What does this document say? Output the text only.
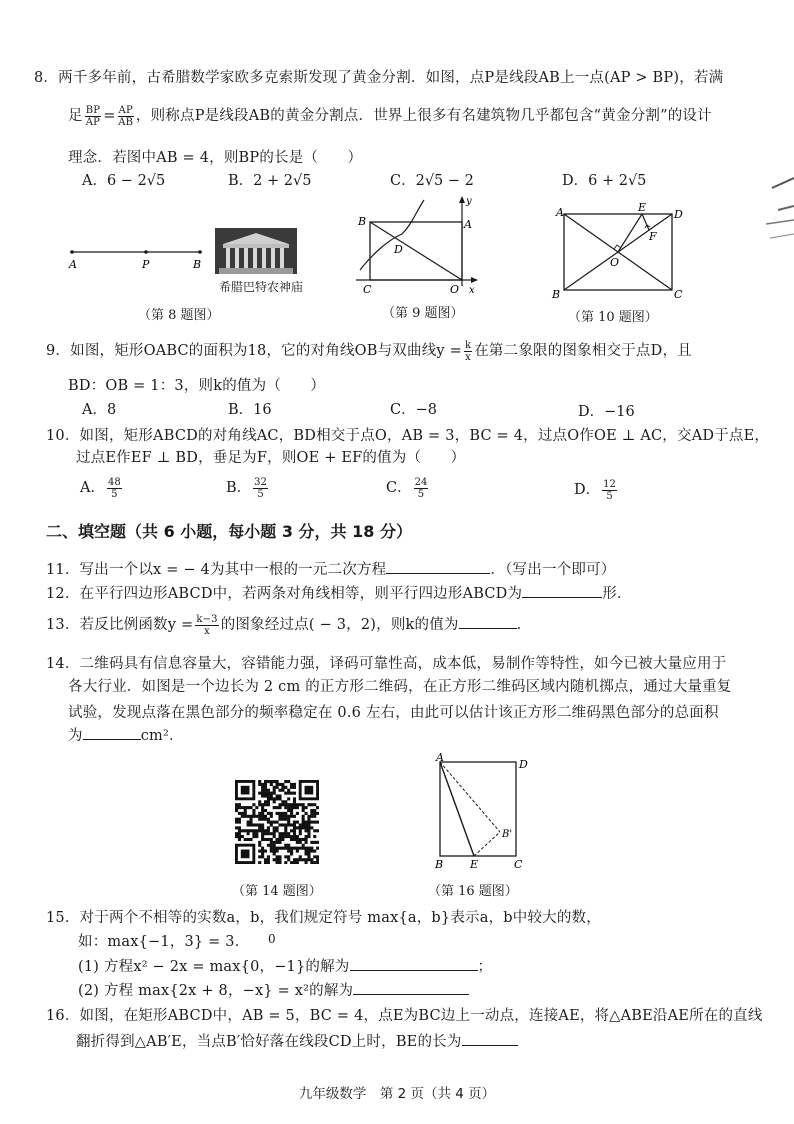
8．两千多年前，古希腊数学家欧多克索斯发现了黄金分割．如图，点P是线段AB上一点(AP > BP)，若满
足 $\frac{BP}{AP} = \frac{AP}{AB}$ ，则称点P是线段AB的黄金分割点．世界上很多有名建筑物几乎都包含“黄金分割”的设计
理念．若图中AB = 4，则BP的长是（　　）
A．6 − 2√5	B．2 + 2√5	C．2√5 − 2	D．6 + 2√5
A	P	B
希腊巴特农神庙
（第 8 题图）
B	A
D
C	O x
y
（第 9 题图）
A	E
D
F
O
B	C
（第 10 题图）
9．如图，矩形OABC的面积为18，它的对角线OB与双曲线$y = \frac{k}{x}$ 在第二象限的图象相交于点D，且
BD：OB = 1：3，则k的值为（　　）
A．8	B．16	C．−8	D．−16
10．如图，矩形ABCD的对角线AC，BD相交于点O，AB = 3，BC = 4，过点O作OE ⊥ AC，交AD于点E，
过点E作EF ⊥ BD，垂足为F，则OE + EF的值为（　　）
A． $\frac{48}{5}$	B． $\frac{32}{5}$	C． $\frac{24}{5}$	D． $\frac{12}{5}$
二、填空题（共 6 小题，每小题 3 分，共 18 分）
11．写出一个以x = − 4为其中一根的一元二次方程	．（写出一个即可）
12．在平行四边形ABCD中，若两条对角线相等，则平行四边形ABCD为	形．
13．若反比例函数$y = \frac{k-3}{x}$ 的图象经过点( − 3，2)，则k的值为	．
14．二维码具有信息容量大，容错能力强，译码可靠性高，成本低，易制作等特性，如今已被大量应用于
各大行业．如图是一个边长为 2 cm 的正方形二维码，在正方形二维码区域内随机掷点，通过大量重复
试验，发现点落在黑色部分的频率稳定在 0.6 左右，由此可以估计该正方形二维码黑色部分的总面积
为	cm²．
（第 14 题图）
A
D
B'
B E	C
（第 16 题图）
15．对于两个不相等的实数a，b，我们规定符号 max{a，b}表示a，b中较大的数，
如：max{−1，3} = 3． 0
(1) 方程x² − 2x = max{0，−1}的解为	；
(2) 方程 max{2x + 8，−x} = x²的解为
16．如图，在矩形ABCD中，AB = 5，BC = 4，点E为BC边上一动点，连接AE，将△ABE沿AE所在的直线
翻折得到△AB′E，当点B′恰好落在线段CD上时，BE的长为
九年级数学　第 2 页（共 4 页）
